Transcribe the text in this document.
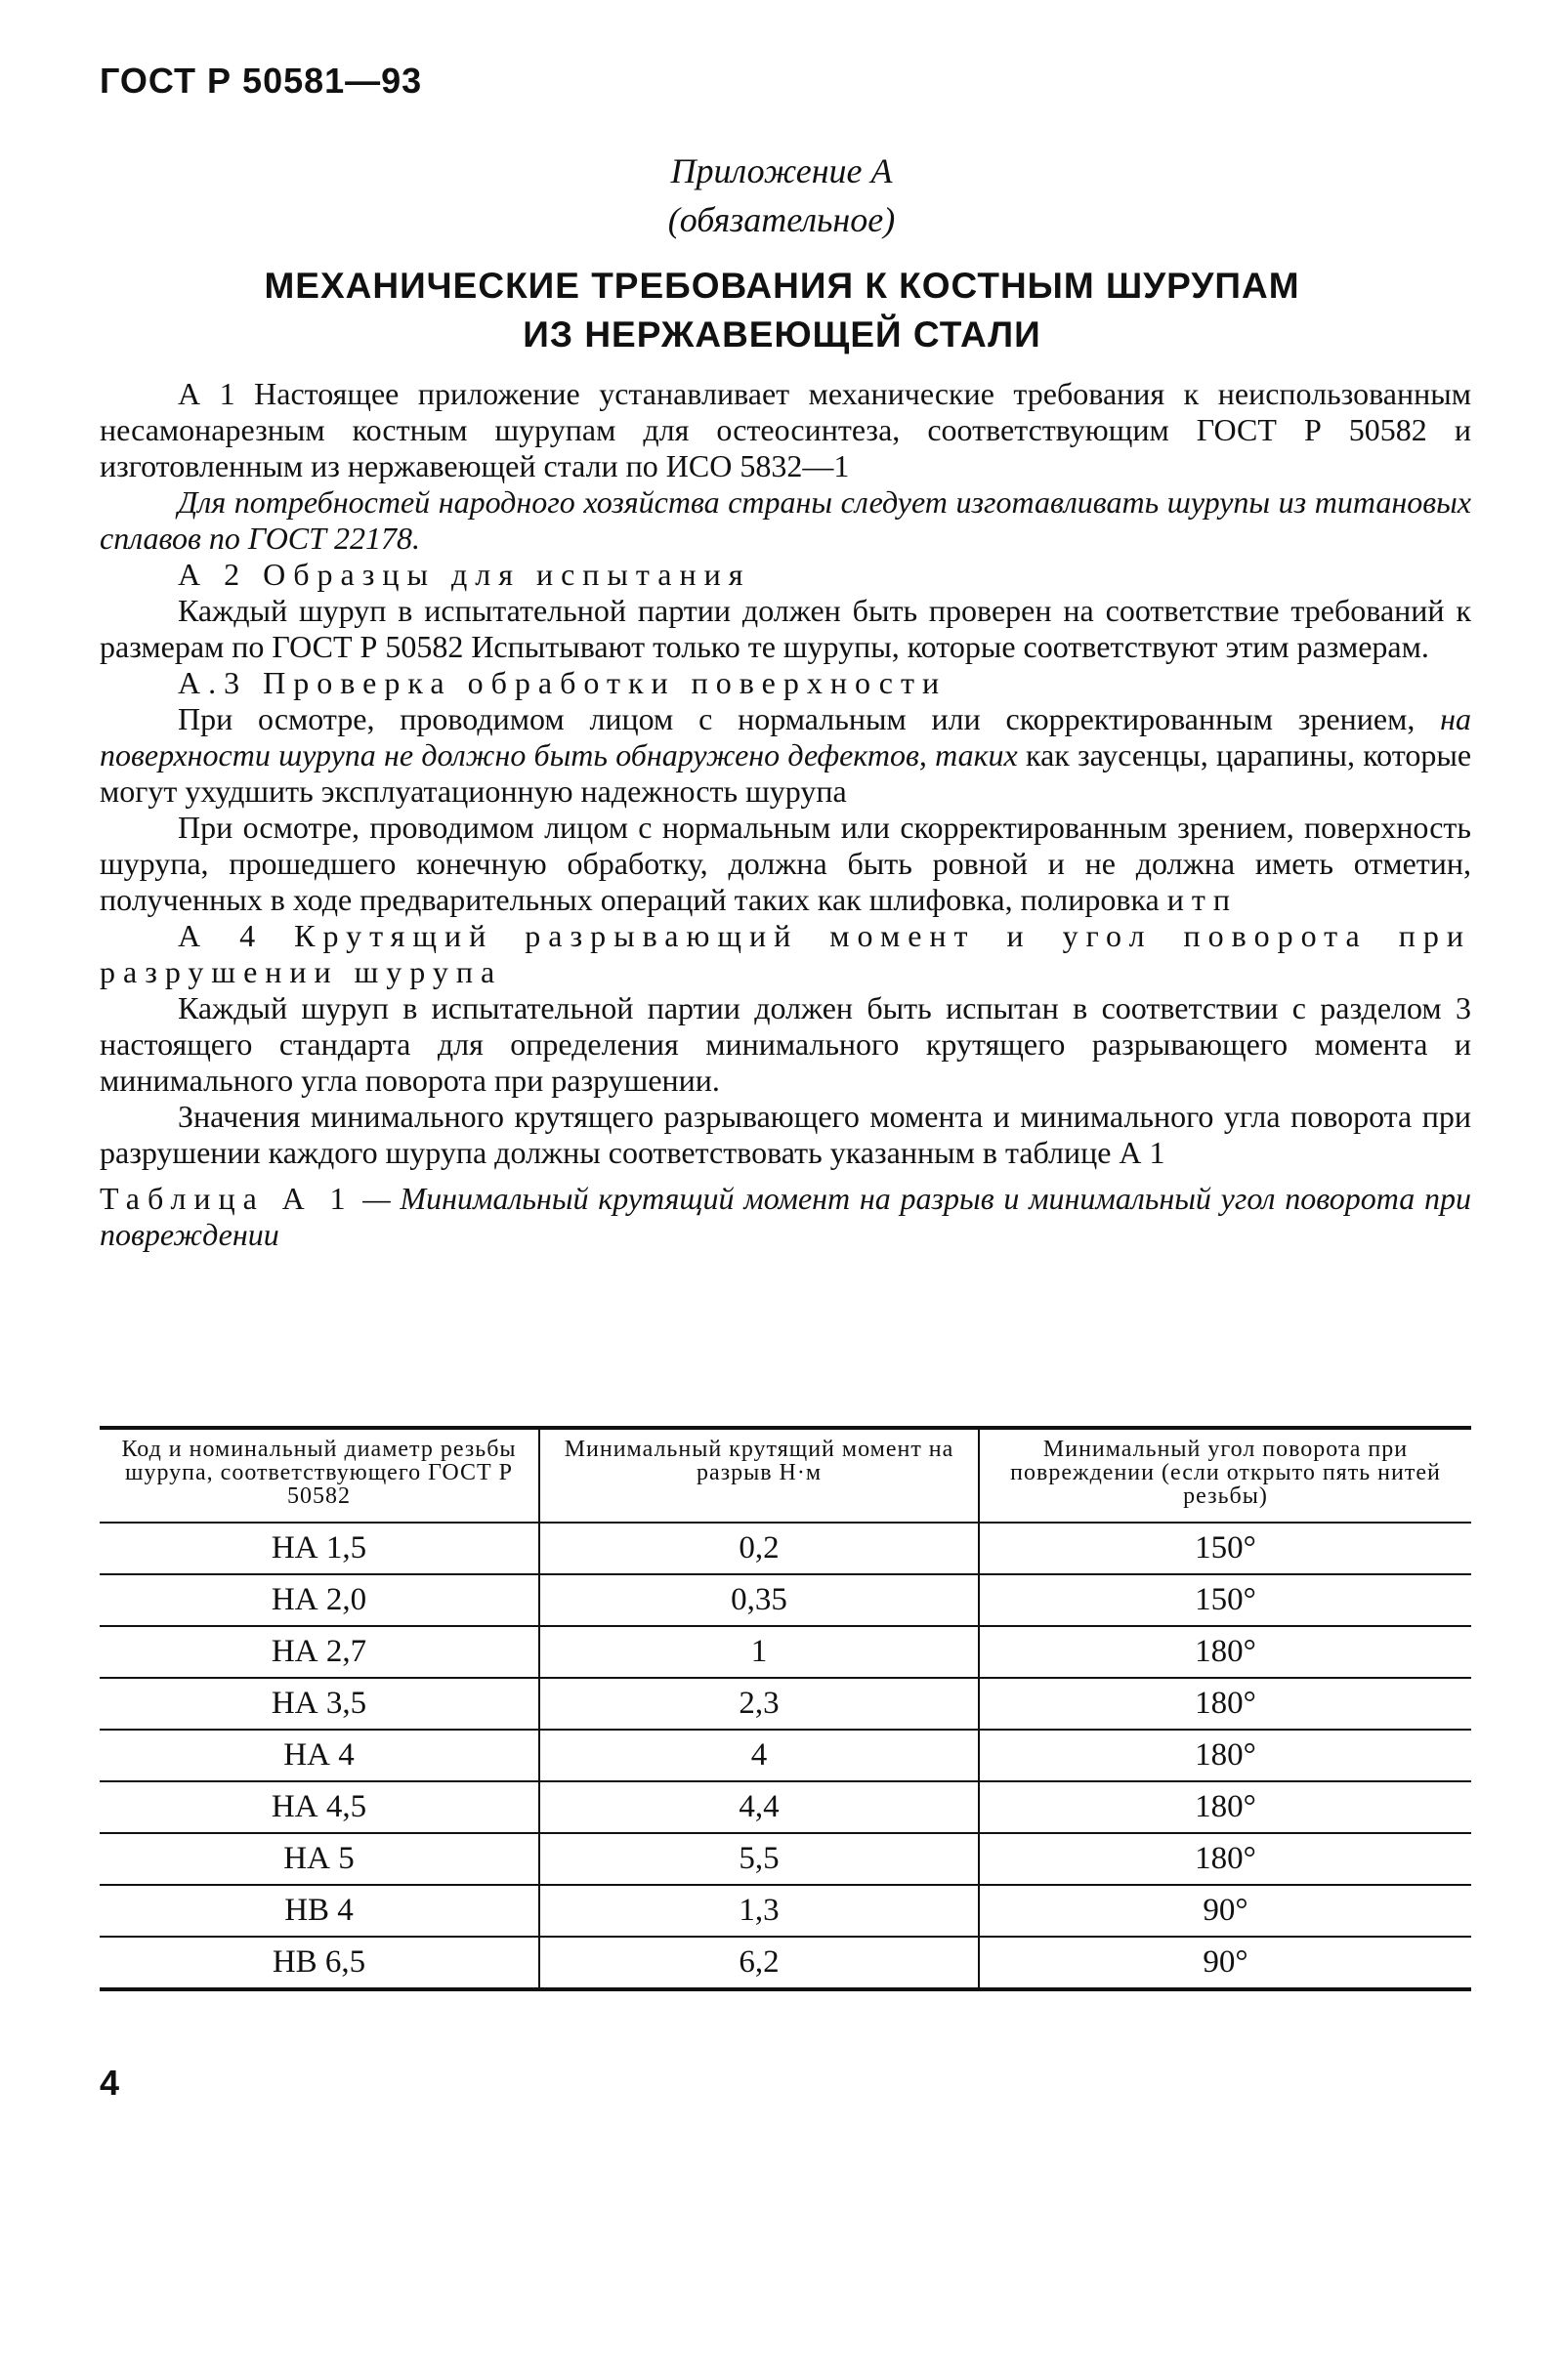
ГОСТ Р 50581—93
Приложение А
(обязательное)
МЕХАНИЧЕСКИЕ ТРЕБОВАНИЯ К КОСТНЫМ ШУРУПАМ
ИЗ НЕРЖАВЕЮЩЕЙ СТАЛИ

А 1 Настоящее приложение устанавливает механические требования к неиспользованным несамонарезным костным шурупам для остеосинтеза, соответствующим ГОСТ Р 50582 и изготовленным из нержавеющей стали по ИСО 5832—1

Для потребностей народного хозяйства страны следует изготавливать шурупы из титановых сплавов по ГОСТ 22178.

А 2 Образцы для испытания

Каждый шуруп в испытательной партии должен быть проверен на соответствие требований к размерам по ГОСТ Р 50582 Испытывают только те шурупы, которые соответствуют этим размерам.

А.3 Проверка обработки поверхности

При осмотре, проводимом лицом с нормальным или скорректированным зрением, на поверхности шурупа не должно быть обнаружено дефектов, таких как заусенцы, царапины, которые могут ухудшить эксплуатационную надежность шурупа

При осмотре, проводимом лицом с нормальным или скорректированным зрением, поверхность шурупа, прошедшего конечную обработку, должна быть ровной и не должна иметь отметин, полученных в ходе предварительных операций таких как шлифовка, полировка и т п

А 4 Крутящий разрывающий момент и угол поворота при разрушении шурупа

Каждый шуруп в испытательной партии должен быть испытан в соответствии с разделом 3 настоящего стандарта для определения минимального крутящего разрывающего момента и минимального угла поворота при разрушении.

Значения минимального крутящего разрывающего момента и минимального угла поворота при разрушении каждого шурупа должны соответствовать указанным в таблице А 1

Таблица А 1 — Минимальный крутящий момент на разрыв и минимальный угол поворота при повреждении

Код и номинальный диаметр резьбы шурупа, соответствующего ГОСТ Р 50582	Минимальный крутящий момент на разрыв Н·м	Минимальный угол поворота при повреждении (если открыто пять нитей резьбы)
НА 1,5	0,2	150°
НА 2,0	0,35	150°
НА 2,7	1	180°
НА 3,5	2,3	180°
НА 4	4	180°
НА 4,5	4,4	180°
НА 5	5,5	180°
НВ 4	1,3	90°
НВ 6,5	6,2	90°
4
